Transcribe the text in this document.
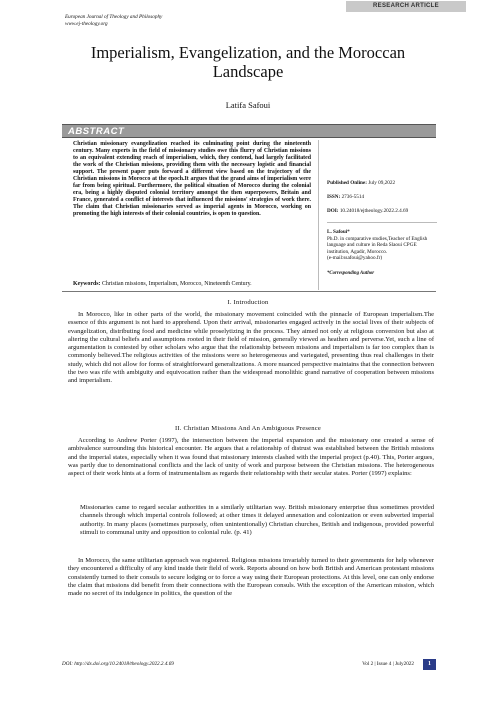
RESEARCH ARTICLE
European Journal of Theology and Philosophy
www.ej-theology.org
Imperialism, Evangelization, and the Moroccan
Landscape
Latifa Safoui
ABSTRACT
Christian missionary evangelization reached its culminating point during the nineteenth century. Many experts in the field of missionary studies owe this flurry of Christian missions to an equivalent extending reach of imperialism, which, they contend, had largely facilitated the work of the Christian missions, providing them with the necessary logistic and financial support. The present paper puts forward a different view based on the trajectory of the Christian missions in Morocco at the epoch.It argues that the grand aims of imperialism were far from being spiritual. Furthermore, the political situation of Morocco during the colonial era, being a highly disputed colonial territory amongst the then superpowers, Britain and France, generated a conflict of interests that influenced the missions' strategies of work there. The claim that Christian missionaries served as imperial agents in Morocco, working on promoting the high interests of their colonial countries, is open to question.
Published Online: July 09,2022
ISSN: 2736-5514
DOI: 10.24018/ejtheology.2022.2.4.69
L. Safoui*
Ph.D. in comparative studies,Teacher of English language and culture in Reda Slaoui CPGE institution, Agadir, Morocco.
(e-mail:ssafoui@yahoo.fr)
*Corresponding Author
Keywords: Christian missions, Imperialism, Morocco, Nineteenth Century.
I. Introduction
In Morocco, like in other parts of the world, the missionary movement coincided with the pinnacle of European imperialism.The essence of this argument is not hard to apprehend. Upon their arrival, missionaries engaged actively in the social lives of their subjects of evangelization, distributing food and medicine while proselytizing in the process. They aimed not only at religious conversion but also at altering the cultural beliefs and assumptions rooted in their field of mission, generally viewed as heathen and perverse.Yet, such a line of argumentation is contested by other scholars who argue that the relationship between missions and imperialism is far too complex than is commonly believed.The religious activities of the missions were so heterogeneous and variegated, presenting thus real challenges in their study, which did not allow for forms of straightforward generalizations. A more nuanced perspective maintains that the connection between the two was rife with ambiguity and equivocation rather than the widespread monolithic grand narrative of cooperation between missions and imperialism.
II. Christian Missions And An Ambiguous Presence
According to Andrew Porter (1997), the intersection between the imperial expansion and the missionary one created a sense of ambivalence surrounding this historical encounter. He argues that a relationship of distrust was established between the British missions and the imperial states, especially when it was found that missionary interests clashed with the imperial project (p.40). This, Porter argues, was partly due to denominational conflicts and the lack of unity of work and purpose between the Christian missions. The heterogeneous aspect of their work hints at a form of instrumentalism as regards their relationship with their secular states. Porter (1997) explains:
Missionaries came to regard secular authorities in a similarly utilitarian way. British missionary enterprise thus sometimes provided channels through which imperial controls followed; at other times it delayed annexation and colonization or even subverted imperial authority. In many places (sometimes purposely, often unintentionally) Christian churches, British and indigenous, provided powerful stimuli to communal unity and opposition to colonial rule. (p. 41)
In Morocco, the same utilitarian approach was registered. Religious missions invariably turned to their governments for help whenever they encountered a difficulty of any kind inside their field of work. Reports abound on how both British and American protestant missions consistently turned to their consuls to secure lodging or to force a way using their European protections. At this level, one can only endorse the claim that missions did benefit from their connections with the European consuls. With the exception of the American mission, which made no secret of its indulgence in politics, the question of the
DOI: http://dx.doi.org/10.24018/theology.2022.2.4.69	Vol 2 | Issue 4 | July2022	1
